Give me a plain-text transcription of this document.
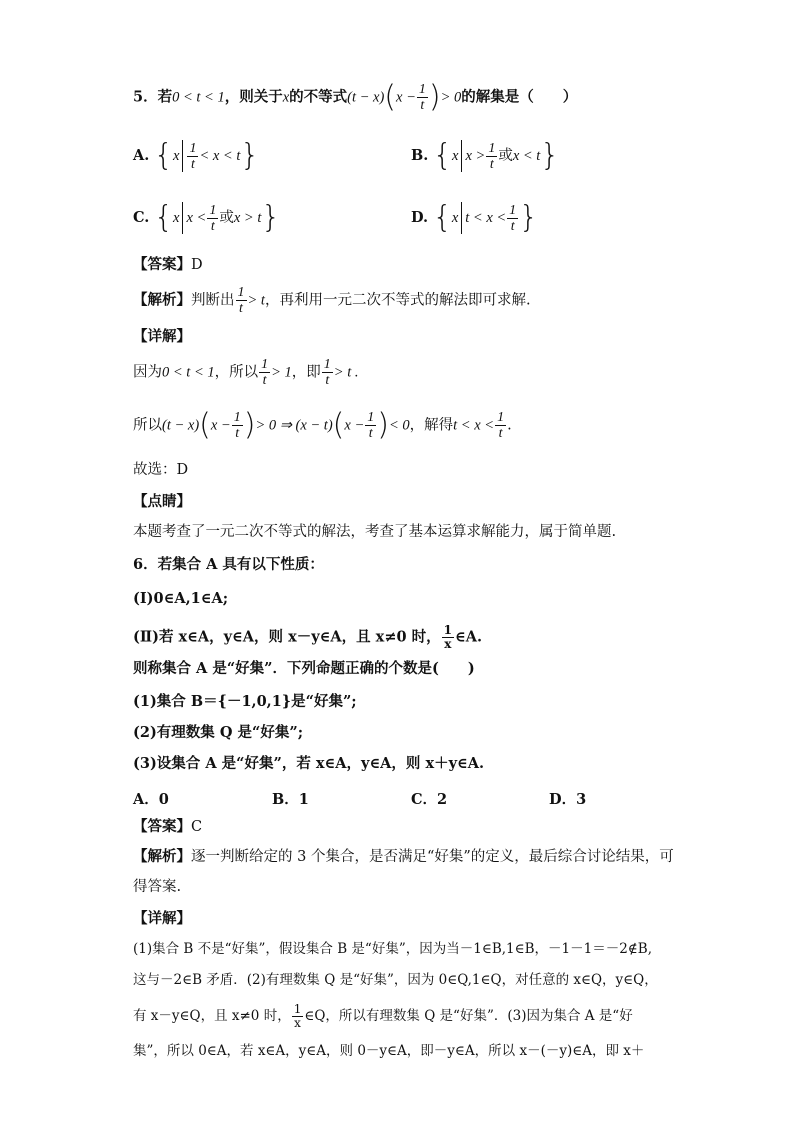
5．若0 < t < 1，则关于x的不等式$(t - x)(x - \frac{1}{t}$ )> 0的解集是（　　）
A. $\{x \frac{1}{t} < x < t\}$	B. {x $x > \frac{1}{t}$ 或x < t}
C. {x $x < \frac{1}{t}$ 或x > t}	D. {x $t < x < \frac{1}{t}$ }
【答案】D
【解析】判断出 $\frac{1}{t} > t$，再利用一元二次不等式的解法即可求解.
【详解】
因为0 < t < 1，所以 $\frac{1}{t} > 1$，即 $\frac{1}{t} > t$ .
所以$(t - x)(x - \frac{1}{t}$ )> 0 ⇒ $(x - t)(x - \frac{1}{t}$ )< 0，解得$t < x < \frac{1}{t}$ .
故选：D
【点睛】
本题考查了一元二次不等式的解法，考查了基本运算求解能力，属于简单题.
6．若集合 A 具有以下性质：
(Ⅰ)0∈A,1∈A;
(Ⅱ)若 x∈A，y∈A，则 x－y∈A，且 x≠0 时， $\frac{1}{x}$ ∈A.
则称集合 A 是“好集”．下列命题正确的个数是(　　)
(1)集合 B＝{－1,0,1}是“好集”;
(2)有理数集 Q 是“好集”;
(3)设集合 A 是“好集”，若 x∈A，y∈A，则 x＋y∈A.
A．0	B．1	C．2	D．3
【答案】C
【解析】逐一判断给定的 3 个集合，是否满足“好集”的定义，最后综合讨论结果，可
得答案.
【详解】
(1)集合 B 不是“好集”，假设集合 B 是“好集”，因为当－1∈B,1∈B，－1－1＝－2∉B,
这与－2∈B 矛盾．(2)有理数集 Q 是“好集”，因为 0∈Q,1∈Q，对任意的 x∈Q，y∈Q，
有 x－y∈Q，且 x≠0 时， $\frac{1}{x}$ ∈Q，所以有理数集 Q 是“好集”．(3)因为集合 A 是“好
集”，所以 0∈A，若 x∈A，y∈A，则 0－y∈A，即－y∈A，所以 x－(－y)∈A，即 x＋
